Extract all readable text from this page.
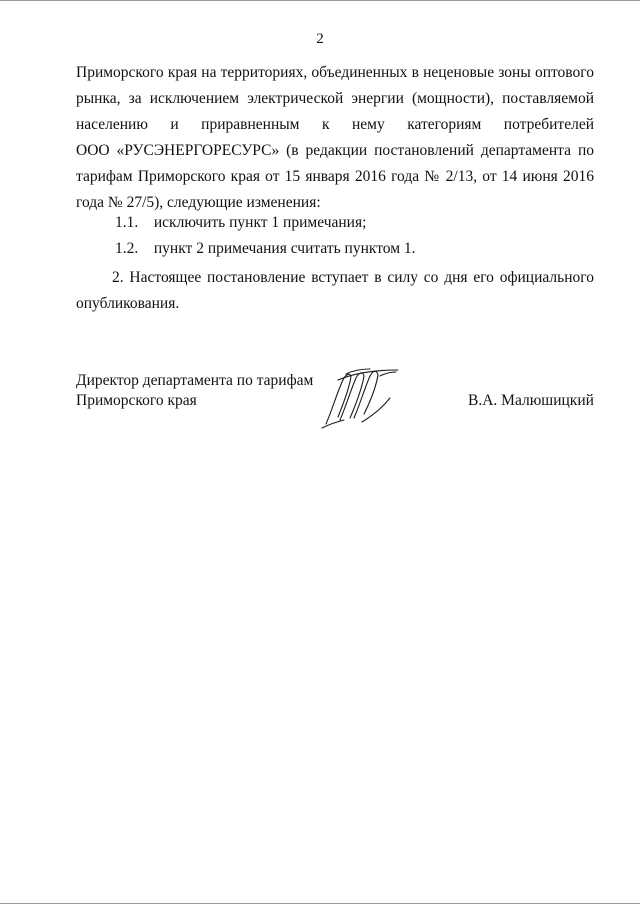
2
Приморского края на территориях, объединенных в неценовые зоны оптового
рынка, за исключением электрической энергии (мощности), поставляемой
населению и приравненным к нему категориям потребителей
ООО «РУСЭНЕРГОРЕСУРС» (в редакции постановлений департамента по
тарифам Приморского края от 15 января 2016 года № 2/13, от 14 июня 2016
года № 27/5), следующие изменения:
1.1. исключить пункт 1 примечания;
1.2. пункт 2 примечания считать пунктом 1.
2. Настоящее постановление вступает в силу со дня его официального
опубликования.
Директор департамента по тарифам
Приморского края	В.А. Малюшицкий
